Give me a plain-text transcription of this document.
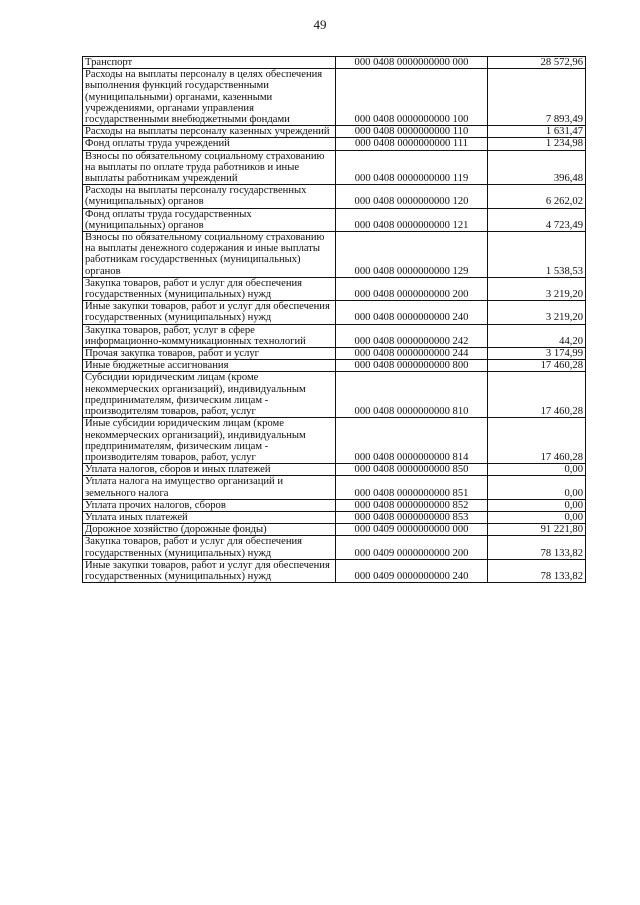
49
Транспорт	000 0408 0000000000 000	28 572,96
Расходы на выплаты персоналу в целях обеспечения выполнения функций государственными (муниципальными) органами, казенными учреждениями, органами управления государственными внебюджетными фондами	000 0408 0000000000 100	7 893,49
Расходы на выплаты персоналу казенных учреждений	000 0408 0000000000 110	1 631,47
Фонд оплаты труда учреждений	000 0408 0000000000 111	1 234,98
Взносы по обязательному социальному страхованию на выплаты по оплате труда работников и иные выплаты работникам учреждений	000 0408 0000000000 119	396,48
Расходы на выплаты персоналу государственных (муниципальных) органов	000 0408 0000000000 120	6 262,02
Фонд оплаты труда государственных (муниципальных) органов	000 0408 0000000000 121	4 723,49
Взносы по обязательному социальному страхованию на выплаты денежного содержания и иные выплаты работникам государственных (муниципальных) органов	000 0408 0000000000 129	1 538,53
Закупка товаров, работ и услуг для обеспечения государственных (муниципальных) нужд	000 0408 0000000000 200	3 219,20
Иные закупки товаров, работ и услуг для обеспечения государственных (муниципальных) нужд	000 0408 0000000000 240	3 219,20
Закупка товаров, работ, услуг в сфере информационно-коммуникационных технологий	000 0408 0000000000 242	44,20
Прочая закупка товаров, работ и услуг	000 0408 0000000000 244	3 174,99
Иные бюджетные ассигнования	000 0408 0000000000 800	17 460,28
Субсидии юридическим лицам (кроме некоммерческих организаций), индивидуальным предпринимателям, физическим лицам - производителям товаров, работ, услуг	000 0408 0000000000 810	17 460,28
Иные субсидии юридическим лицам (кроме некоммерческих организаций), индивидуальным предпринимателям, физическим лицам - производителям товаров, работ, услуг	000 0408 0000000000 814	17 460,28
Уплата налогов, сборов и иных платежей	000 0408 0000000000 850	0,00
Уплата налога на имущество организаций и земельного налога	000 0408 0000000000 851	0,00
Уплата прочих налогов, сборов	000 0408 0000000000 852	0,00
Уплата иных платежей	000 0408 0000000000 853	0,00
Дорожное хозяйство (дорожные фонды)	000 0409 0000000000 000	91 221,80
Закупка товаров, работ и услуг для обеспечения государственных (муниципальных) нужд	000 0409 0000000000 200	78 133,82
Иные закупки товаров, работ и услуг для обеспечения государственных (муниципальных) нужд	000 0409 0000000000 240	78 133,82
